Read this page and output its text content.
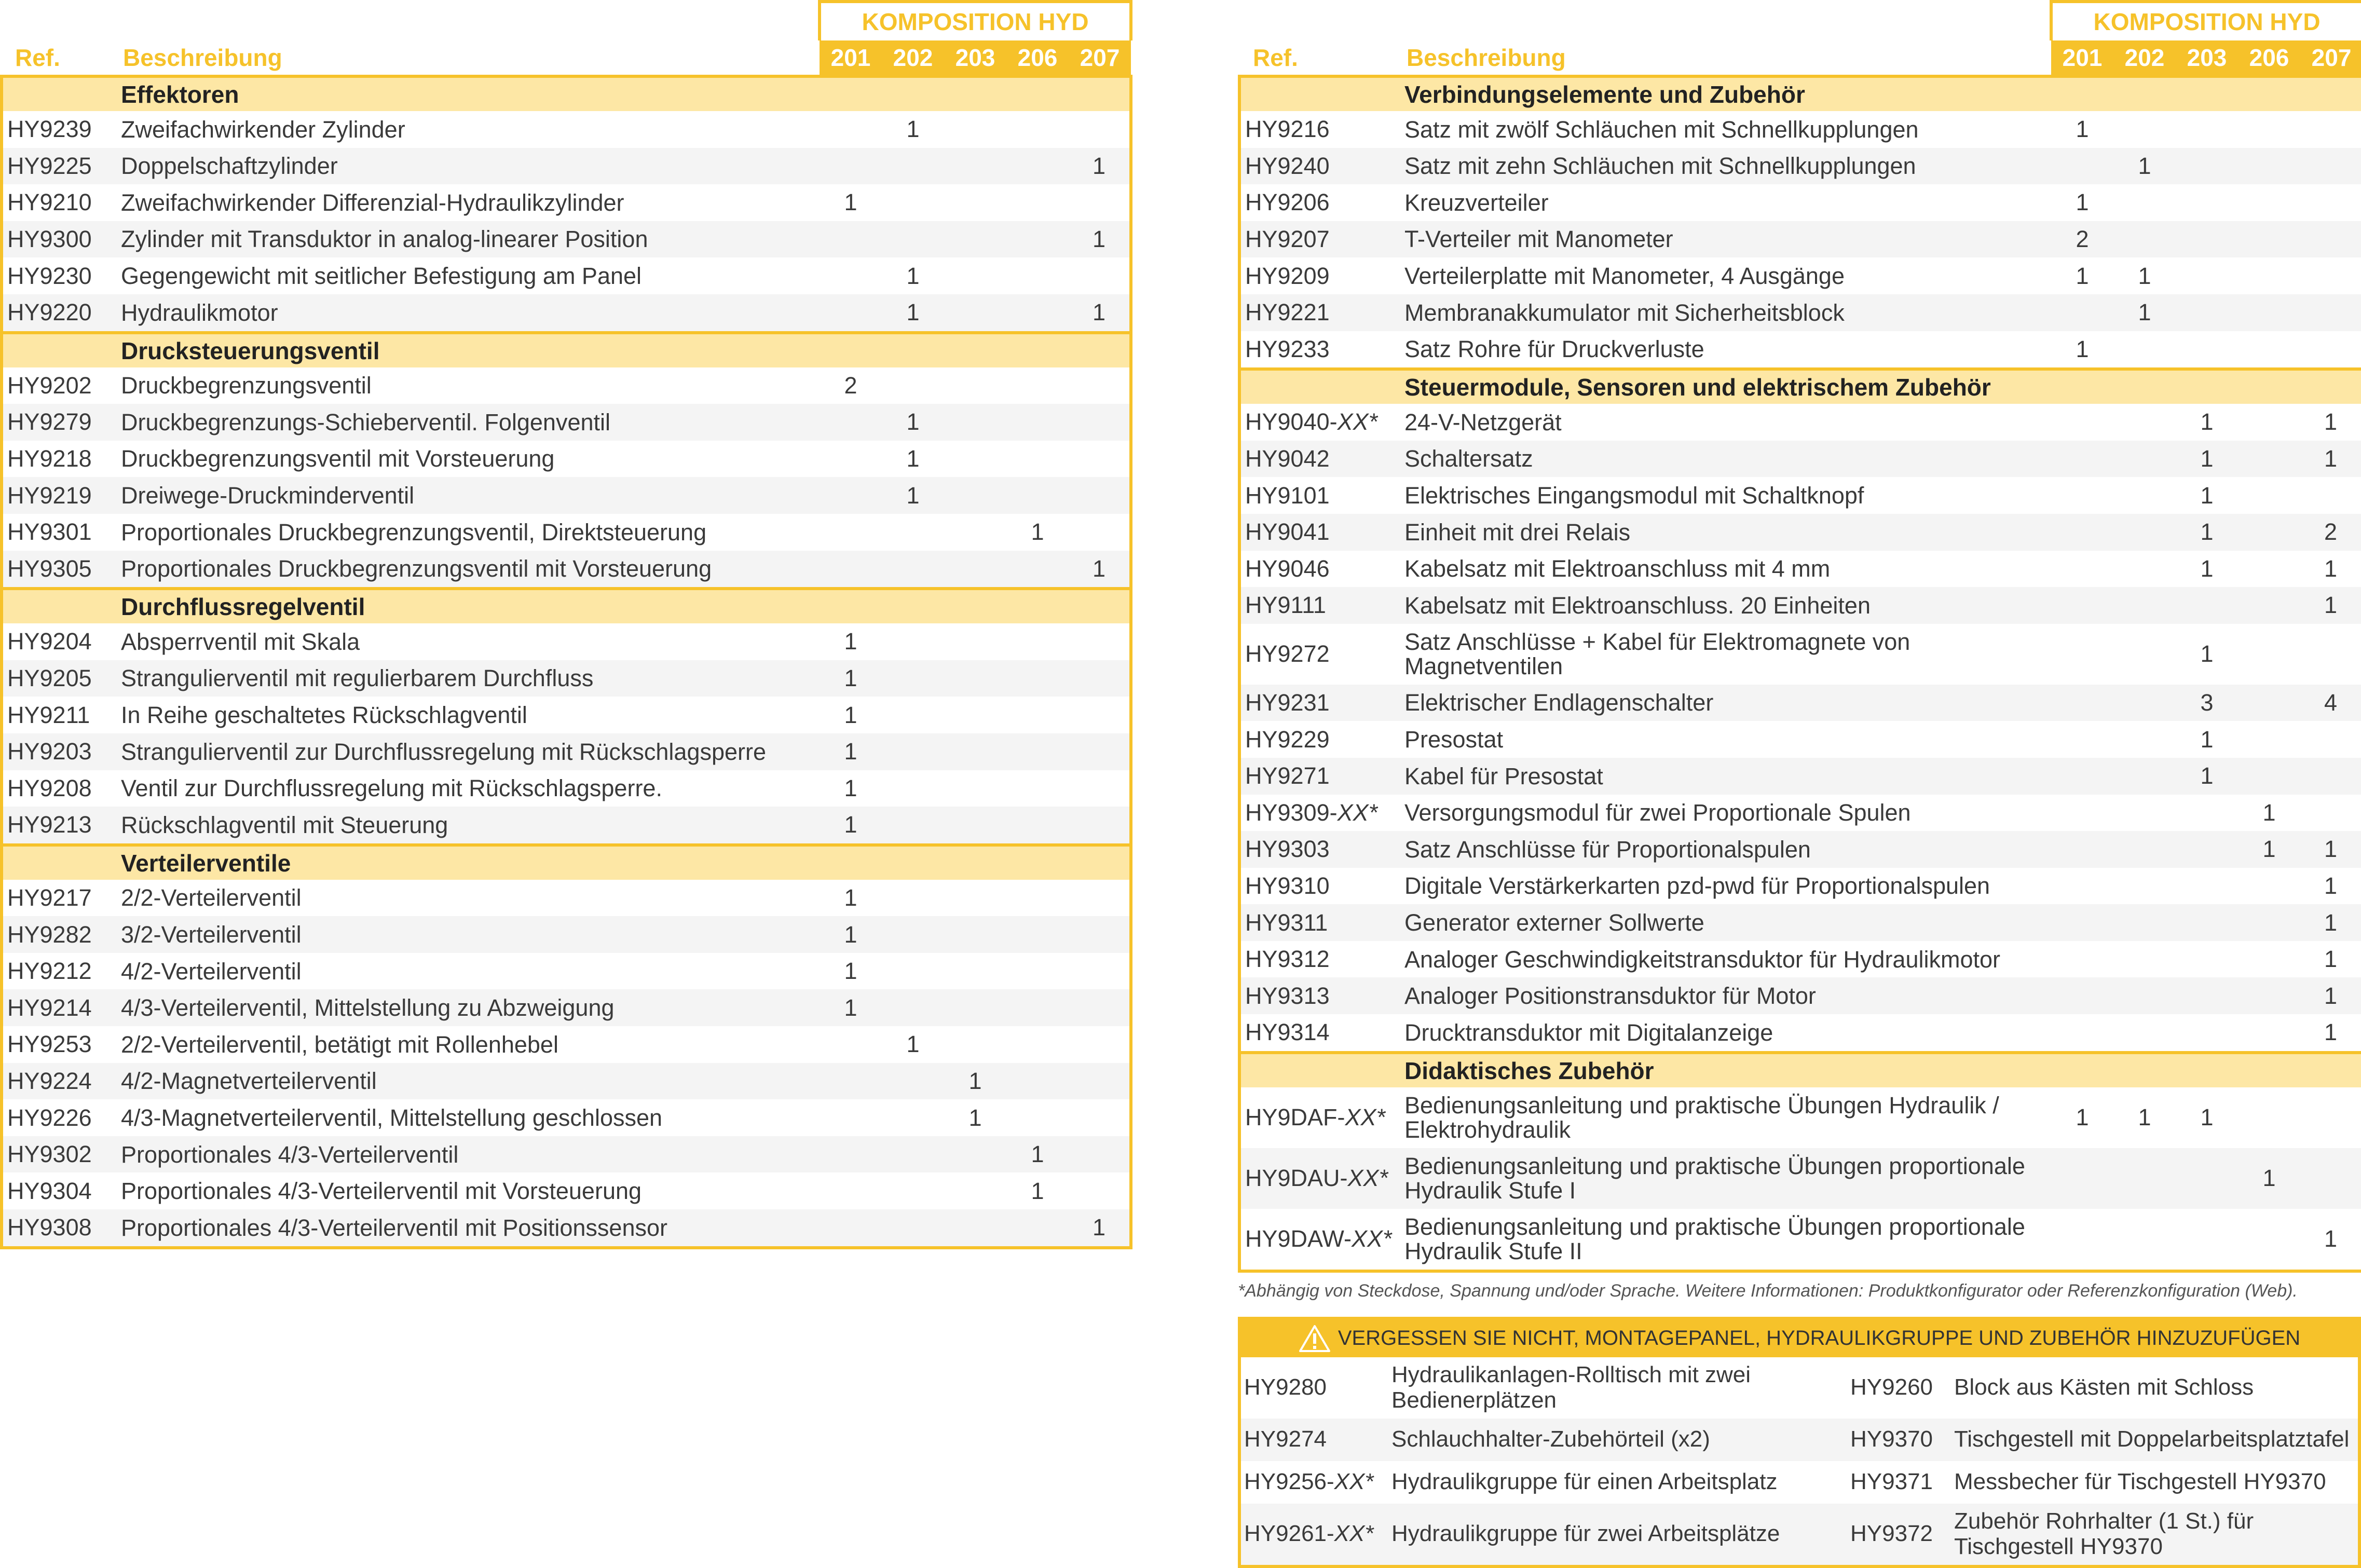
		KOMPOSITION HYD				
Ref.	Beschreibung	201	202	203	206	207
	Effektoren					
HY9239	Zweifachwirkender Zylinder		1			
HY9225	Doppelschaftzylinder					1
HY9210	Zweifachwirkender Differenzial-Hydraulikzylinder	1				
HY9300	Zylinder mit Transduktor in analog-linearer Position					1
HY9230	Gegengewicht mit seitlicher Befestigung am Panel		1			
HY9220	Hydraulikmotor		1			1
	Drucksteuerungsventil					
HY9202	Druckbegrenzungsventil	2				
HY9279	Druckbegrenzungs-Schieberventil. Folgenventil		1			
HY9218	Druckbegrenzungsventil mit Vorsteuerung		1			
HY9219	Dreiwege-Druckminderventil		1			
HY9301	Proportionales Druckbegrenzungsventil, Direktsteuerung				1	
HY9305	Proportionales Druckbegrenzungsventil mit Vorsteuerung					1
	Durchflussregelventil					
HY9204	Absperrventil mit Skala	1				
HY9205	Strangulierventil mit regulierbarem Durchfluss	1				
HY9211	In Reihe geschaltetes Rückschlagventil	1				
HY9203	Strangulierventil zur Durchflussregelung mit Rückschlagsperre	1				
HY9208	Ventil zur Durchflussregelung mit Rückschlagsperre.	1				
HY9213	Rückschlagventil mit Steuerung	1				
	Verteilerventile					
HY9217	2/2-Verteilerventil	1				
HY9282	3/2-Verteilerventil	1				
HY9212	4/2-Verteilerventil	1				
HY9214	4/3-Verteilerventil, Mittelstellung zu Abzweigung	1				
HY9253	2/2-Verteilerventil, betätigt mit Rollenhebel		1			
HY9224	4/2-Magnetverteilerventil			1		
HY9226	4/3-Magnetverteilerventil, Mittelstellung geschlossen			1		
HY9302	Proportionales 4/3-Verteilerventil				1	
HY9304	Proportionales 4/3-Verteilerventil mit Vorsteuerung				1	
HY9308	Proportionales 4/3-Verteilerventil mit Positionssensor					1
		KOMPOSITION HYD				
Ref.	Beschreibung	201	202	203	206	207
	Verbindungselemente und Zubehör					
HY9216	Satz mit zwölf Schläuchen mit Schnellkupplungen	1				
HY9240	Satz mit zehn Schläuchen mit Schnellkupplungen		1			
HY9206	Kreuzverteiler	1				
HY9207	T-Verteiler mit Manometer	2				
HY9209	Verteilerplatte mit Manometer, 4 Ausgänge	1	1			
HY9221	Membranakkumulator mit Sicherheitsblock		1			
HY9233	Satz Rohre für Druckverluste	1				
	Steuermodule, Sensoren und elektrischem Zubehör					
HY9040-XX*	24-V-Netzgerät			1		1
HY9042	Schaltersatz			1		1
HY9101	Elektrisches Eingangsmodul mit Schaltknopf			1		
HY9041	Einheit mit drei Relais			1		2
HY9046	Kabelsatz mit Elektroanschluss mit 4 mm			1		1
HY9111	Kabelsatz mit Elektroanschluss. 20 Einheiten					1
HY9272	Satz Anschlüsse + Kabel für Elektromagnete von Magnetventilen			1		
HY9231	Elektrischer Endlagenschalter			3		4
HY9229	Presostat			1		
HY9271	Kabel für Presostat			1		
HY9309-XX*	Versorgungsmodul für zwei Proportionale Spulen				1	
HY9303	Satz Anschlüsse für Proportionalspulen				1	1
HY9310	Digitale Verstärkerkarten pzd-pwd für Proportionalspulen					1
HY9311	Generator externer Sollwerte					1
HY9312	Analoger Geschwindigkeitstransduktor für Hydraulikmotor					1
HY9313	Analoger Positionstransduktor für Motor					1
HY9314	Drucktransduktor mit Digitalanzeige					1
	Didaktisches Zubehör					
HY9DAF-XX*	Bedienungsanleitung und praktische Übungen Hydraulik / Elektrohydraulik	1	1	1		
HY9DAU-XX*	Bedienungsanleitung und praktische Übungen proportionale Hydraulik Stufe I				1	
HY9DAW-XX*	Bedienungsanleitung und praktische Übungen proportionale Hydraulik Stufe II					1
*Abhängig von Steckdose, Spannung und/oder Sprache. Weitere Informationen: Produktkonfigurator oder Referenzkonfiguration (Web).
VERGESSEN SIE NICHT, MONTAGEPANEL, HYDRAULIKGRUPPE UND ZUBEHÖR HINZUZUFÜGEN
HY9280	Hydraulikanlagen-Rolltisch mit zwei Bedienerplätzen	HY9260	Block aus Kästen mit Schloss
HY9274	Schlauchhalter-Zubehörteil (x2)	HY9370	Tischgestell mit Doppelarbeitsplatztafel
HY9256-XX*	Hydraulikgruppe für einen Arbeitsplatz	HY9371	Messbecher für Tischgestell HY9370
HY9261-XX*	Hydraulikgruppe für zwei Arbeitsplätze	HY9372	Zubehör Rohrhalter (1 St.) für Tischgestell HY9370
